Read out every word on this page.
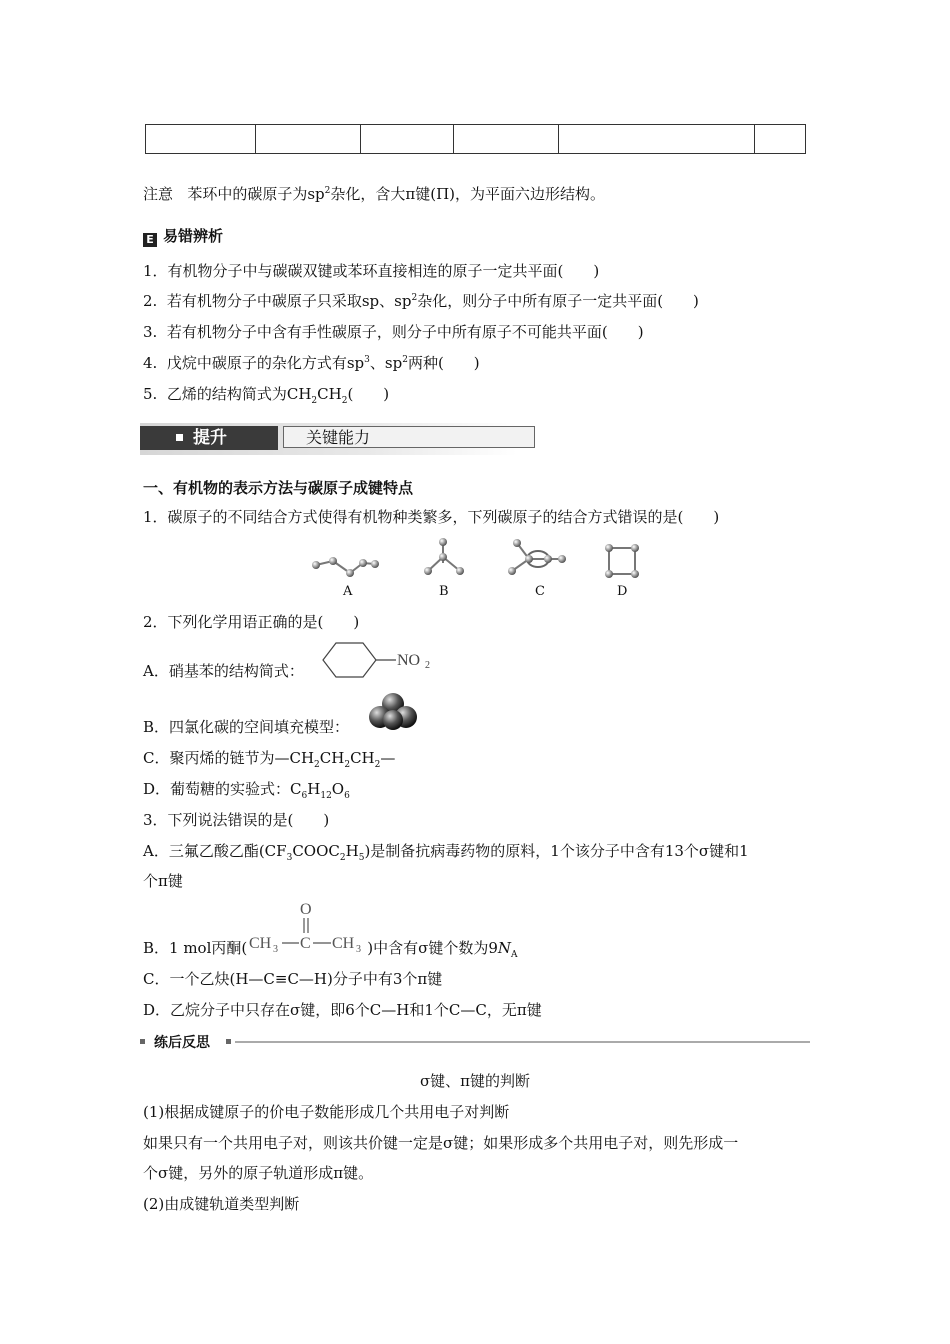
注意 苯环中的碳原子为$sp^2$杂化，含大π键(Π)，为平面六边形结构。
E 易错辨析
1．有机物分子中与碳碳双键或苯环直接相连的原子一定共平面(　　)
2. 若有机物分子中碳原子只采取sp、$sp^2$杂化，则分子中所有原子一定共平面(　　)
3. 若有机物分子中含有手性碳原子，则分子中所有原子不可能共平面(　　)
4. 戊烷中碳原子的杂化方式有$sp^3$、$sp^2$两种(　　)
5. 乙烯的结构简式为$CH_2CH_2$(　　)
提升	关键能力
一、有机物的表示方法与碳原子成键特点
1．碳原子的不同结合方式使得有机物种类繁多，下列碳原子的结合方式错误的是(　　)
A	B	C	D
2．下列化学用语正确的是(　　)
A．硝基苯的结构简式：
NO 2
B．四氯化碳的空间填充模型：
C．聚丙烯的链节为$—CH_2CH_2CH_2—$
D．葡萄糖的实验式：$C_6H_{12}O_6$
3．下列说法错误的是(　　)
A．三氟乙酸乙酯$(CF_3COOC_2H_5)$是制备抗病毒药物的原料，1个该分子中含有13个σ键和1
个π键
B．1 mol丙酮(	)中含有σ键个数为$9N_A$
O
CH 3 C CH 3
C．一个乙炔(H—C≡C—H)分子中有3个π键
D．乙烷分子中只存在σ键，即6个C—H和1个C—C，无π键
练后反思
σ键、π键的判断
(1)根据成键原子的价电子数能形成几个共用电子对判断
如果只有一个共用电子对，则该共价键一定是σ键；如果形成多个共用电子对，则先形成一
个σ键，另外的原子轨道形成π键。
(2)由成键轨道类型判断
